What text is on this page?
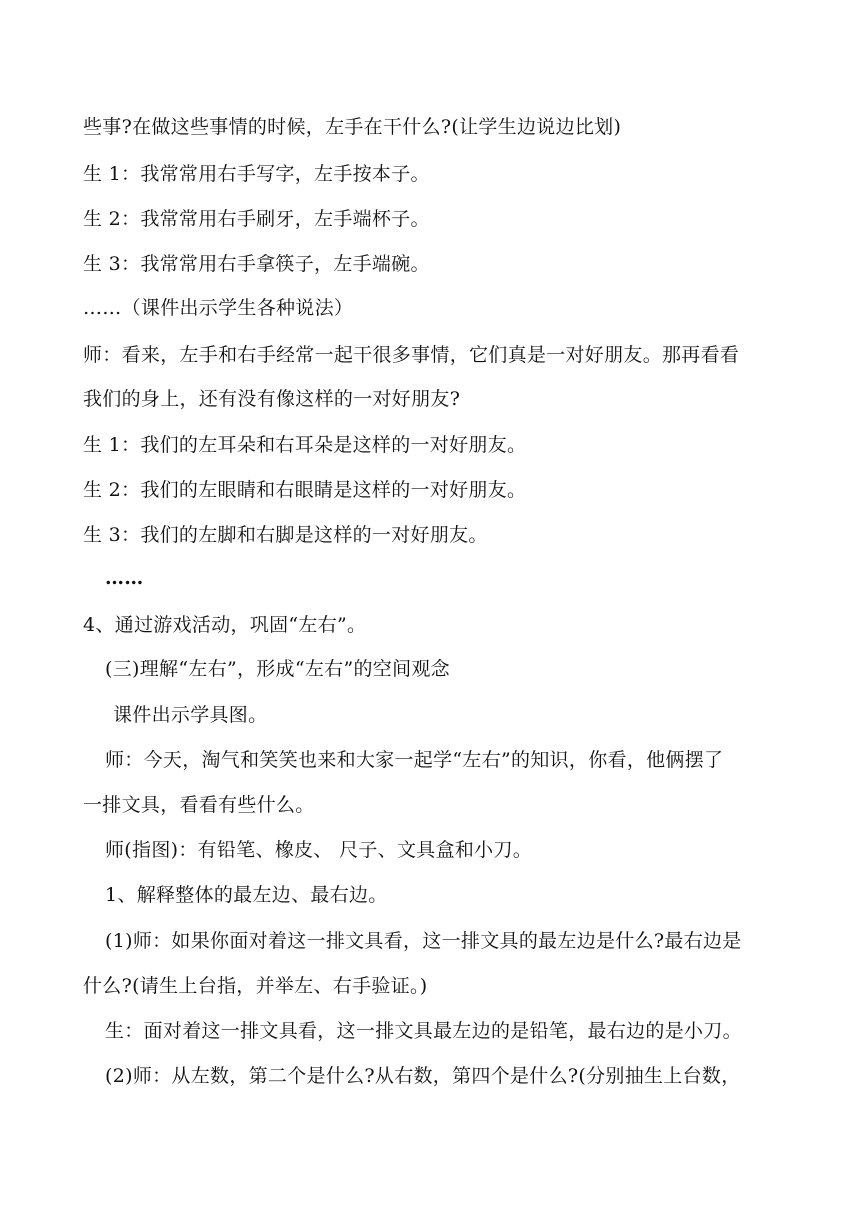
些事?在做这些事情的时候，左手在干什么?(让学生边说边比划)
生 1：我常常用右手写字，左手按本子。
生 2：我常常用右手刷牙，左手端杯子。
生 3：我常常用右手拿筷子，左手端碗。
……（课件出示学生各种说法）
师：看来，左手和右手经常一起干很多事情，它们真是一对好朋友。那再看看
我们的身上，还有没有像这样的一对好朋友?
生 1：我们的左耳朵和右耳朵是这样的一对好朋友。
生 2：我们的左眼睛和右眼睛是这样的一对好朋友。
生 3：我们的左脚和右脚是这样的一对好朋友。
……
4、通过游戏活动，巩固“左右”。
(三)理解“左右”，形成“左右”的空间观念
课件出示学具图。
师：今天，淘气和笑笑也来和大家一起学“左右”的知识，你看，他俩摆了
一排文具，看看有些什么。
师(指图)：有铅笔、橡皮、 尺子、文具盒和小刀。
1、解释整体的最左边、最右边。
(1)师：如果你面对着这一排文具看，这一排文具的最左边是什么?最右边是
什么?(请生上台指，并举左、右手验证。)
生：面对着这一排文具看，这一排文具最左边的是铅笔，最右边的是小刀。
(2)师：从左数，第二个是什么?从右数，第四个是什么?(分别抽生上台数，
